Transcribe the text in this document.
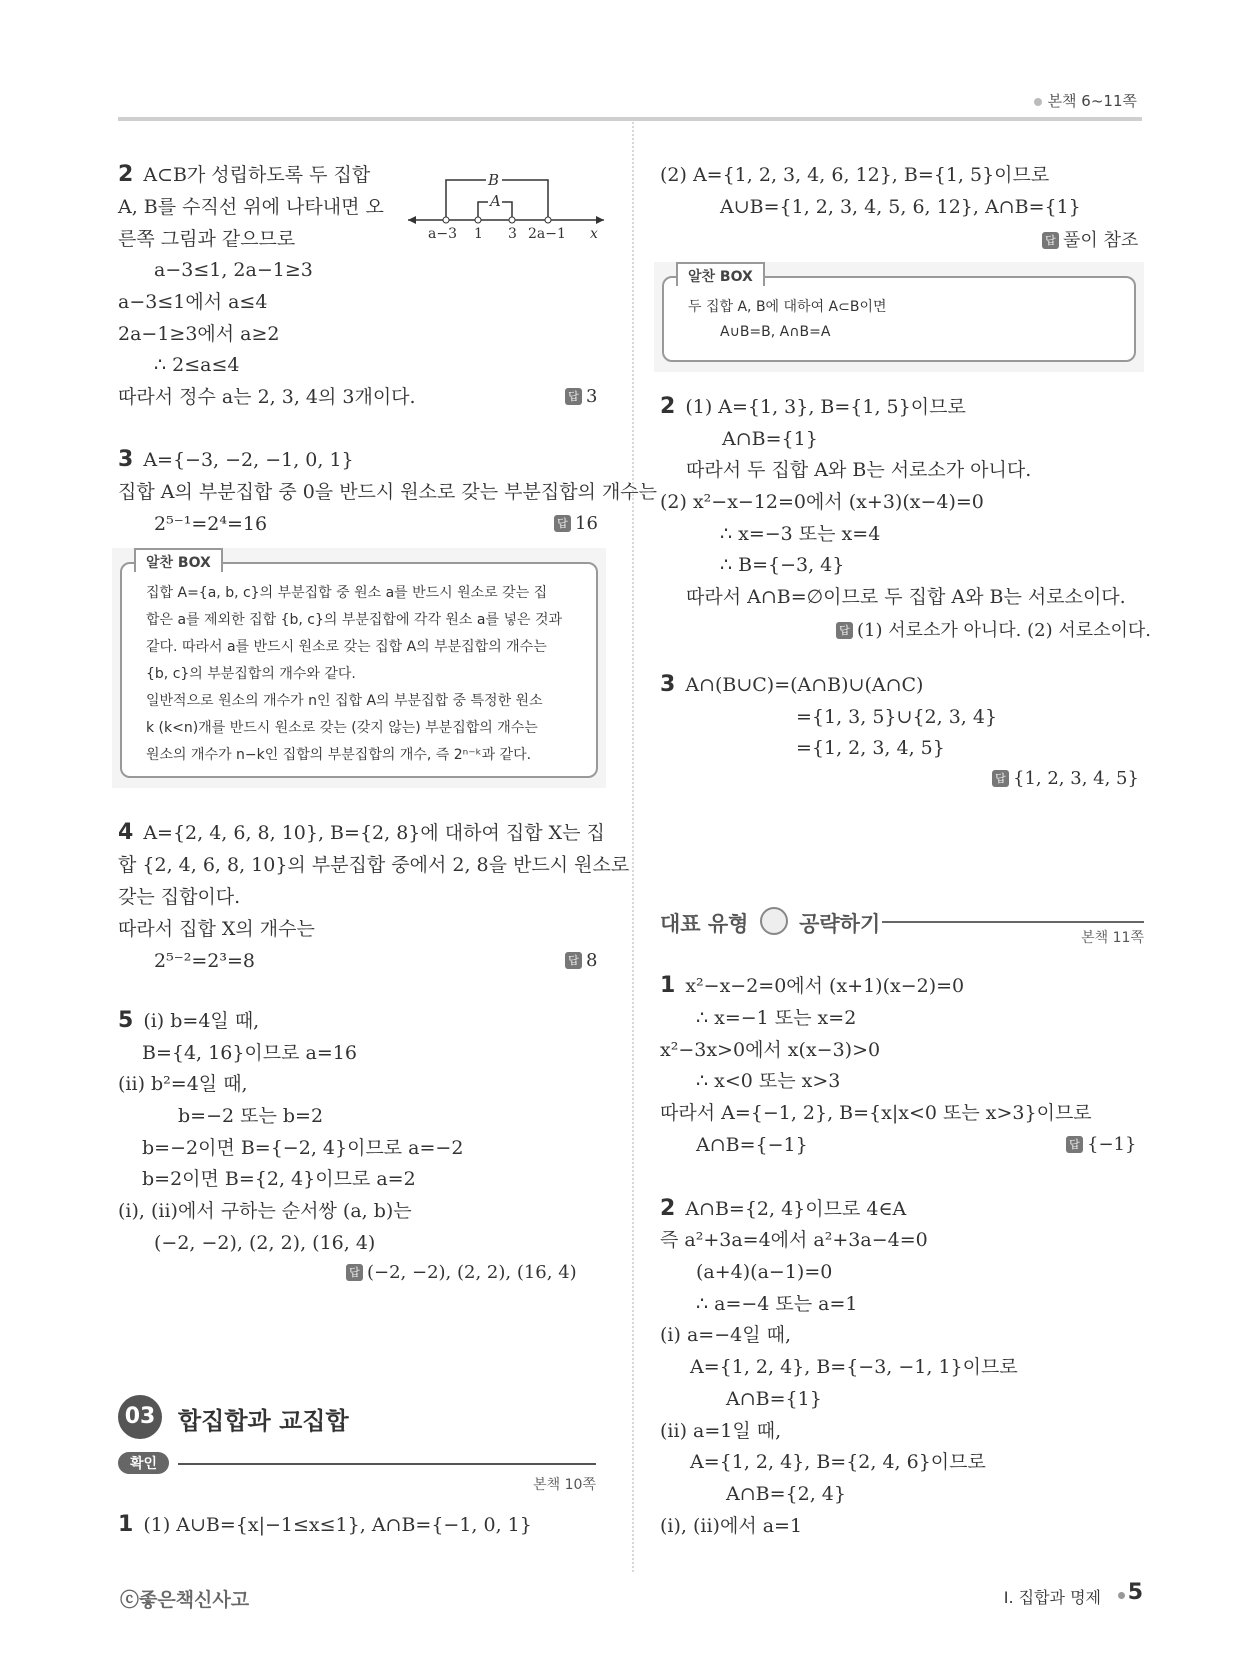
본책 6~11쪽
2 A⊂B가 성립하도록 두 집합
A, B를 수직선 위에 나타내면 오
른쪽 그림과 같으므로
a−3≤1, 2a−1≥3
a−3≤1에서 a≤4
2a−1≥3에서 a≥2
∴ 2≤a≤4
따라서 정수 a는 2, 3, 4의 3개이다.	답 3
B
A
a−3 1 3 2a−1 x
3 A={−3, −2, −1, 0, 1}
집합 A의 부분집합 중 0을 반드시 원소로 갖는 부분집합의 개수는
2⁵⁻¹=2⁴=16	답 16
집합 A={a, b, c}의 부분집합 중 원소 a를 반드시 원소로 갖는 집
합은 a를 제외한 집합 {b, c}의 부분집합에 각각 원소 a를 넣은 것과
같다. 따라서 a를 반드시 원소로 갖는 집합 A의 부분집합의 개수는
{b, c}의 부분집합의 개수와 같다.
일반적으로 원소의 개수가 n인 집합 A의 부분집합 중 특정한 원소
k (k<n)개를 반드시 원소로 갖는 (갖지 않는) 부분집합의 개수는
원소의 개수가 n−k인 집합의 부분집합의 개수, 즉 2ⁿ⁻ᵏ과 같다.
알찬 BOX
4 A={2, 4, 6, 8, 10}, B={2, 8}에 대하여 집합 X는 집
합 {2, 4, 6, 8, 10}의 부분집합 중에서 2, 8을 반드시 원소로
갖는 집합이다.
따라서 집합 X의 개수는
2⁵⁻²=2³=8	답 8
5 (i) b=4일 때,
B={4, 16}이므로 a=16
(ii) b²=4일 때,
b=−2 또는 b=2
b=−2이면 B={−2, 4}이므로 a=−2
b=2이면 B={2, 4}이므로 a=2
(i), (ii)에서 구하는 순서쌍 (a, b)는
(−2, −2), (2, 2), (16, 4)
답 (−2, −2), (2, 2), (16, 4)
03 합집합과 교집합
확인
본책 10쪽
1 (1) A∪B={x|−1≤x≤1}, A∩B={−1, 0, 1}
(2) A={1, 2, 3, 4, 6, 12}, B={1, 5}이므로
A∪B={1, 2, 3, 4, 5, 6, 12}, A∩B={1}
답 풀이 참조
두 집합 A, B에 대하여 A⊂B이면
A∪B=B, A∩B=A
알찬 BOX
2 (1) A={1, 3}, B={1, 5}이므로
A∩B={1}
따라서 두 집합 A와 B는 서로소가 아니다.
(2) x²−x−12=0에서 (x+3)(x−4)=0
∴ x=−3 또는 x=4
∴ B={−3, 4}
따라서 A∩B=∅이므로 두 집합 A와 B는 서로소이다.
답 (1) 서로소가 아니다. (2) 서로소이다.
3 A∩(B∪C)=(A∩B)∪(A∩C)
={1, 3, 5}∪{2, 3, 4}
={1, 2, 3, 4, 5}
답 {1, 2, 3, 4, 5}
대표 유형 공략하기
본책 11쪽
1 x²−x−2=0에서 (x+1)(x−2)=0
∴ x=−1 또는 x=2
x²−3x>0에서 x(x−3)>0
∴ x<0 또는 x>3
따라서 A={−1, 2}, B={x|x<0 또는 x>3}이므로
A∩B={−1}	답 {−1}
2 A∩B={2, 4}이므로 4∈A
즉 a²+3a=4에서 a²+3a−4=0
(a+4)(a−1)=0
∴ a=−4 또는 a=1
(i) a=−4일 때,
A={1, 2, 4}, B={−3, −1, 1}이므로
A∩B={1}
(ii) a=1일 때,
A={1, 2, 4}, B={2, 4, 6}이므로
A∩B={2, 4}
(i), (ii)에서 a=1
ⓒ좋은책신사고	Ⅰ. 집합과 명제	5
